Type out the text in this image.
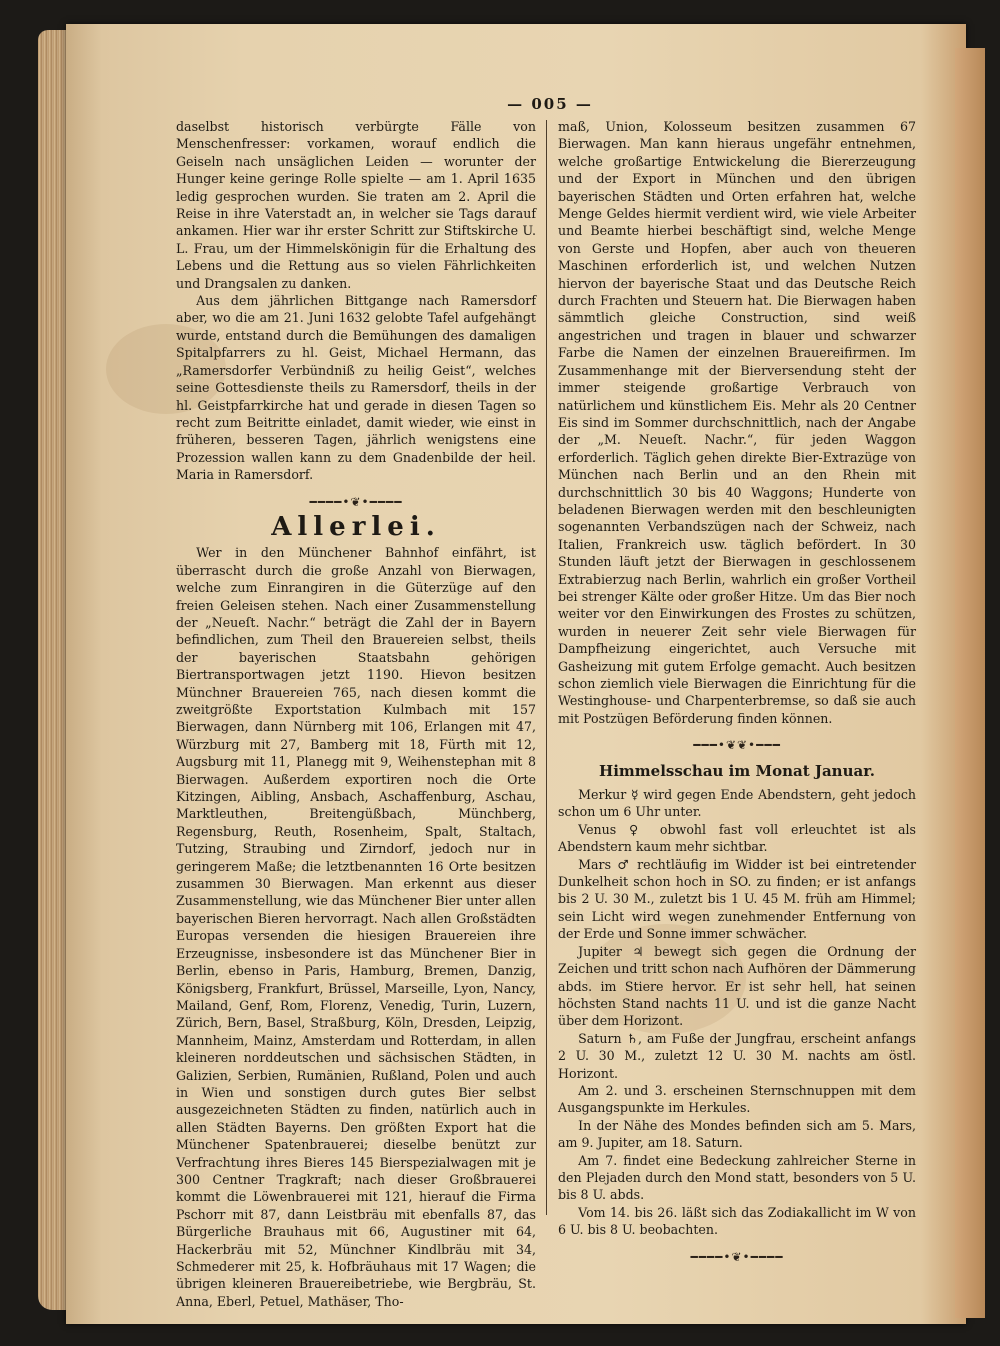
— 005 —

daselbst historisch verbürgte Fälle von Menschenfresser: vorkamen, worauf endlich die Geiseln nach unsäglichen Leiden — worunter der Hunger keine geringe Rolle spielte — am 1. April 1635 ledig gesprochen wurden. Sie traten am 2. April die Reise in ihre Vaterstadt an, in welcher sie Tags darauf ankamen. Hier war ihr erster Schritt zur Stiftskirche U. L. Frau, um der Himmelskönigin für die Erhaltung des Lebens und die Rettung aus so vielen Fährlichkeiten und Drangsalen zu danken.

Aus dem jährlichen Bittgange nach Ramersdorf aber, wo die am 21. Juni 1632 gelobte Tafel aufgehängt wurde, entstand durch die Bemühungen des damaligen Spitalpfarrers zu hl. Geist, Michael Hermann, das „Ramersdorfer Verbündniß zu heilig Geist“, welches seine Gottesdienste theils zu Ramersdorf, theils in der hl. Geistpfarrkirche hat und gerade in diesen Tagen so recht zum Beitritte einladet, damit wieder, wie einst in früheren, besseren Tagen, jährlich wenigstens eine Prozession wallen kann zu dem Gnadenbilde der heil. Maria in Ramersdorf.

━━━━•❦•━━━━
Allerlei.

Wer in den Münchener Bahnhof einfährt, ist überrascht durch die große Anzahl von Bierwagen, welche zum Einrangiren in die Güterzüge auf den freien Geleisen stehen. Nach einer Zusammenstellung der „Neueſt. Nachr.“ beträgt die Zahl der in Bayern befindlichen, zum Theil den Brauereien selbst, theils der bayerischen Staatsbahn gehörigen Biertransportwagen jetzt 1190. Hievon besitzen Münchner Brauereien 765, nach diesen kommt die zweitgrößte Exportstation Kulmbach mit 157 Bierwagen, dann Nürnberg mit 106, Erlangen mit 47, Würzburg mit 27, Bamberg mit 18, Fürth mit 12, Augsburg mit 11, Planegg mit 9, Weihenstephan mit 8 Bierwagen. Außerdem exportiren noch die Orte Kitzingen, Aibling, Ansbach, Aschaffenburg, Aschau, Marktleuthen, Breitengüßbach, Münchberg, Regensburg, Reuth, Rosenheim, Spalt, Staltach, Tutzing, Straubing und Zirndorf, jedoch nur in geringerem Maße; die letztbenannten 16 Orte besitzen zusammen 30 Bierwagen. Man erkennt aus dieser Zusammenstellung, wie das Münchener Bier unter allen bayerischen Bieren hervorragt. Nach allen Großstädten Europas versenden die hiesigen Brauereien ihre Erzeugnisse, insbesondere ist das Münchener Bier in Berlin, ebenso in Paris, Hamburg, Bremen, Danzig, Königsberg, Frankfurt, Brüssel, Marseille, Lyon, Nancy, Mailand, Genf, Rom, Florenz, Venedig, Turin, Luzern, Zürich, Bern, Basel, Straßburg, Köln, Dresden, Leipzig, Mannheim, Mainz, Amsterdam und Rotterdam, in allen kleineren norddeutschen und sächsischen Städten, in Galizien, Serbien, Rumänien, Rußland, Polen und auch in Wien und sonstigen durch gutes Bier selbst ausgezeichneten Städten zu finden, natürlich auch in allen Städten Bayerns. Den größten Export hat die Münchener Spatenbrauerei; dieselbe benützt zur Verfrachtung ihres Bieres 145 Bierspezialwagen mit je 300 Centner Tragkraft; nach dieser Großbrauerei kommt die Löwenbrauerei mit 121, hierauf die Firma Pschorr mit 87, dann Leistbräu mit ebenfalls 87, das Bürgerliche Brauhaus mit 66, Augustiner mit 64, Hackerbräu mit 52, Münchner Kindlbräu mit 34, Schmederer mit 25, k. Hofbräuhaus mit 17 Wagen; die übrigen kleineren Brauereibetriebe, wie Bergbräu, St. Anna, Eberl, Petuel, Mathäser, Tho-

maß, Union, Kolosseum besitzen zusammen 67 Bierwagen. Man kann hieraus ungefähr entnehmen, welche großartige Entwickelung die Biererzeugung und der Export in München und den übrigen bayerischen Städten und Orten erfahren hat, welche Menge Geldes hiermit verdient wird, wie viele Arbeiter und Beamte hierbei beschäftigt sind, welche Menge von Gerste und Hopfen, aber auch von theueren Maschinen erforderlich ist, und welchen Nutzen hiervon der bayerische Staat und das Deutsche Reich durch Frachten und Steuern hat. Die Bierwagen haben sämmtlich gleiche Construction, sind weiß angestrichen und tragen in blauer und schwarzer Farbe die Namen der einzelnen Brauereifirmen. Im Zusammenhange mit der Bierversendung steht der immer steigende großartige Verbrauch von natürlichem und künstlichem Eis. Mehr als 20 Centner Eis sind im Sommer durchschnittlich, nach der Angabe der „M. Neueſt. Nachr.“, für jeden Waggon erforderlich. Täglich gehen direkte Bier-Extrazüge von München nach Berlin und an den Rhein mit durchschnittlich 30 bis 40 Waggons; Hunderte von beladenen Bierwagen werden mit den beschleunigten sogenannten Verbandszügen nach der Schweiz, nach Italien, Frankreich usw. täglich befördert. In 30 Stunden läuft jetzt der Bierwagen in geschlossenem Extrabierzug nach Berlin, wahrlich ein großer Vortheil bei strenger Kälte oder großer Hitze. Um das Bier noch weiter vor den Einwirkungen des Frostes zu schützen, wurden in neuerer Zeit sehr viele Bierwagen für Dampfheizung eingerichtet, auch Versuche mit Gasheizung mit gutem Erfolge gemacht. Auch besitzen schon ziemlich viele Bierwagen die Einrichtung für die Westinghouse- und Charpenterbremse, so daß sie auch mit Postzügen Beförderung finden können.

━━━•❦❦•━━━
Himmelsschau im Monat Januar.

Merkur ☿ wird gegen Ende Abendstern, geht jedoch schon um 6 Uhr unter.

Venus ♀ obwohl fast voll erleuchtet ist als Abendstern kaum mehr sichtbar.

Mars ♂ rechtläufig im Widder ist bei eintretender Dunkelheit schon hoch in SO. zu finden; er ist anfangs bis 2 U. 30 M., zuletzt bis 1 U. 45 M. früh am Himmel; sein Licht wird wegen zunehmender Entfernung von der Erde und Sonne immer schwächer.

Jupiter ♃ bewegt sich gegen die Ordnung der Zeichen und tritt schon nach Aufhören der Dämmerung abds. im Stiere hervor. Er ist sehr hell, hat seinen höchsten Stand nachts 11 U. und ist die ganze Nacht über dem Horizont.

Saturn ♄, am Fuße der Jungfrau, erscheint anfangs 2 U. 30 M., zuletzt 12 U. 30 M. nachts am östl. Horizont.

Am 2. und 3. erscheinen Sternschnuppen mit dem Ausgangspunkte im Herkules.

In der Nähe des Mondes befinden sich am 5. Mars, am 9. Jupiter, am 18. Saturn.

Am 7. findet eine Bedeckung zahlreicher Sterne in den Plejaden durch den Mond statt, besonders von 5 U. bis 8 U. abds.

Vom 14. bis 26. läßt sich das Zodiakallicht im W von 6 U. bis 8 U. beobachten.

━━━━•❦•━━━━
